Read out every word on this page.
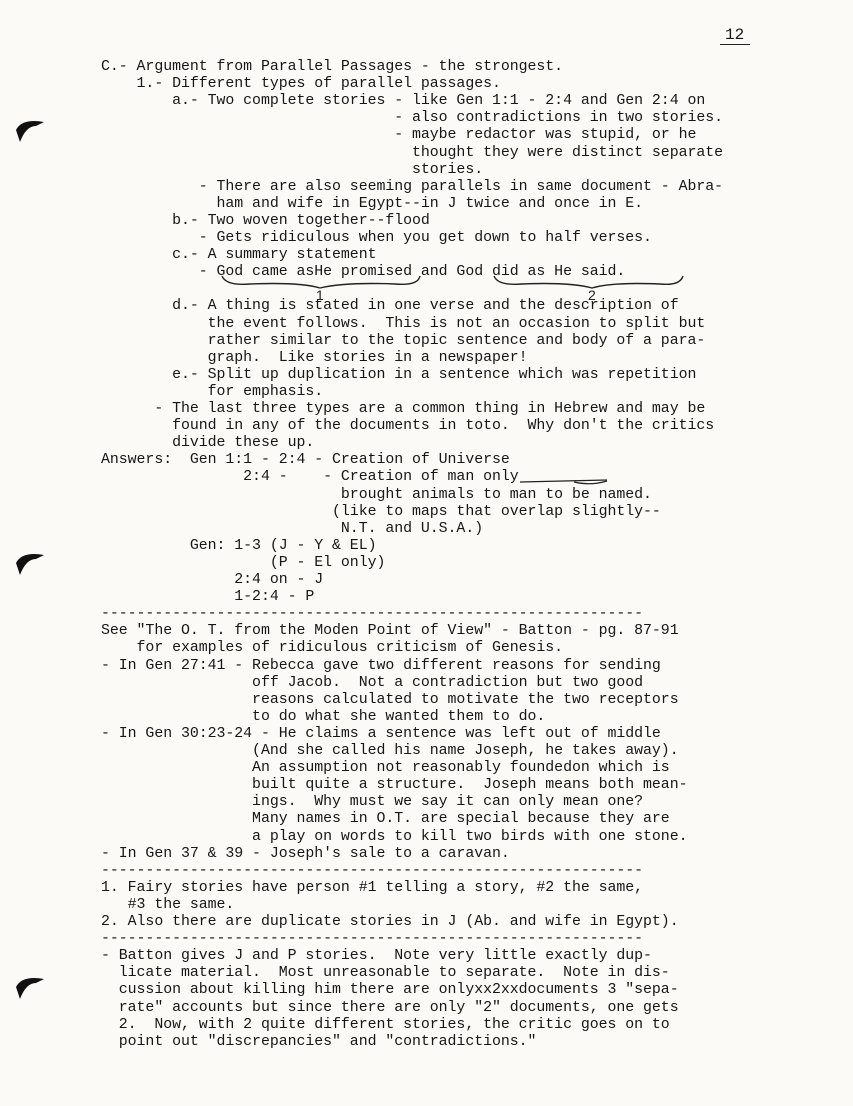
12
C.- Argument from Parallel Passages - the strongest.
1.- Different types of parallel passages.
a.- Two complete stories - like Gen 1:1 - 2:4 and Gen 2:4 on
- also contradictions in two stories.
- maybe redactor was stupid, or he
thought they were distinct separate
stories.
- There are also seeming parallels in same document - Abra-
ham and wife in Egypt--in J twice and once in E.
b.- Two woven together--flood
- Gets ridiculous when you get down to half verses.
c.- A summary statement
- God came asHe promised and God did as He said.
d.- A thing is stated in one verse and the description of
the event follows.  This is not an occasion to split but
rather similar to the topic sentence and body of a para-
graph.  Like stories in a newspaper!
e.- Split up duplication in a sentence which was repetition
for emphasis.
- The last three types are a common thing in Hebrew and may be
found in any of the documents in toto.  Why don't the critics
divide these up.
Answers:  Gen 1:1 - 2:4 - Creation of Universe
2:4 -    - Creation of man only
brought animals to man to be named.
(like to maps that overlap slightly--
N.T. and U.S.A.)
Gen: 1-3 (J - Y & EL)
(P - El only)
2:4 on - J
1-2:4 - P
-------------------------------------------------------------
See "The O. T. from the Moden Point of View" - Batton - pg. 87-91
for examples of ridiculous criticism of Genesis.
- In Gen 27:41 - Rebecca gave two different reasons for sending
off Jacob.  Not a contradiction but two good
reasons calculated to motivate the two receptors
to do what she wanted them to do.
- In Gen 30:23-24 - He claims a sentence was left out of middle
(And she called his name Joseph, he takes away).
An assumption not reasonably foundedon which is
built quite a structure.  Joseph means both mean-
ings.  Why must we say it can only mean one?
Many names in O.T. are special because they are
a play on words to kill two birds with one stone.
- In Gen 37 & 39 - Joseph's sale to a caravan.
-------------------------------------------------------------
1. Fairy stories have person #1 telling a story, #2 the same,
#3 the same.
2. Also there are duplicate stories in J (Ab. and wife in Egypt).
-------------------------------------------------------------
- Batton gives J and P stories.  Note very little exactly dup-
licate material.  Most unreasonable to separate.  Note in dis-
cussion about killing him there are onlyxx2xxdocuments 3 "sepa-
rate" accounts but since there are only "2" documents, one gets
2.  Now, with 2 quite different stories, the critic goes on to
point out "discrepancies" and "contradictions."
1	2
